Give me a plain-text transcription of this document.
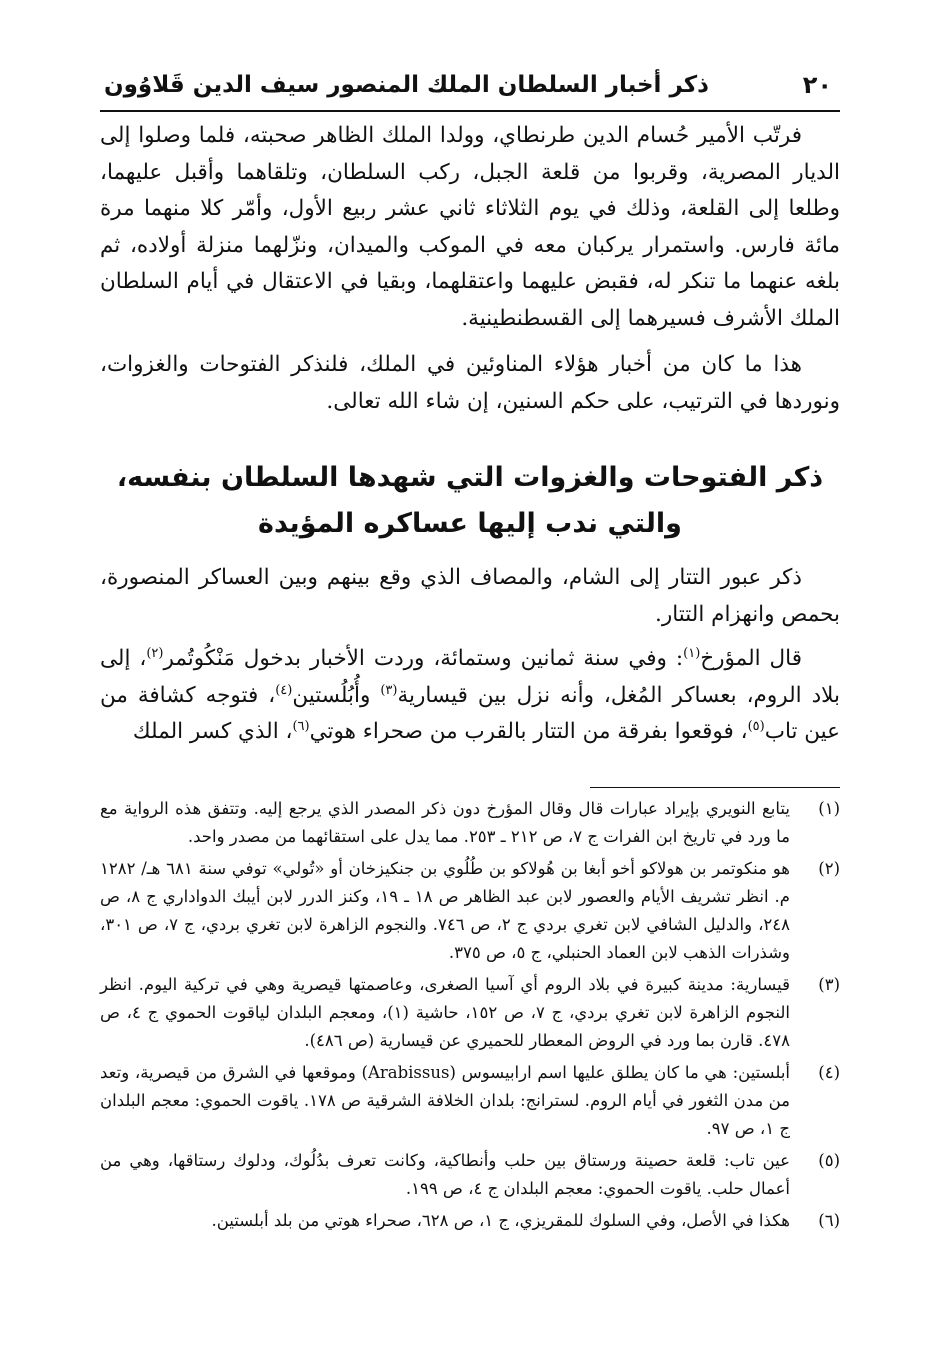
٢٠
ذكر أخبار السلطان الملك المنصور سيف الدين قَلاوُون

فرتّب الأمير حُسام الدين طرنطاي، وولدا الملك الظاهر صحبته، فلما وصلوا إلى الديار المصرية، وقربوا من قلعة الجبل، ركب السلطان، وتلقاهما وأقبل عليهما، وطلعا إلى القلعة، وذلك في يوم الثلاثاء ثاني عشر ربيع الأول، وأمّر كلا منهما مرة مائة فارس. واستمرار يركبان معه في الموكب والميدان، ونزّلهما منزلة أولاده، ثم بلغه عنهما ما تنكر له، فقبض عليهما واعتقلهما، وبقيا في الاعتقال في أيام السلطان الملك الأشرف فسيرهما إلى القسطنطينية.

هذا ما كان من أخبار هؤلاء المناوئين في الملك، فلنذكر الفتوحات والغزوات، ونوردها في الترتيب، على حكم السنين، إن شاء الله تعالى.

ذكر الفتوحات والغزوات التي شهدها السلطان بنفسه،
والتي ندب إليها عساكره المؤيدة

ذكر عبور التتار إلى الشام، والمصاف الذي وقع بينهم وبين العساكر المنصورة، بحمص وانهزام التتار.

قال المؤرخ$^{(١)}$: وفي سنة ثمانين وستمائة، وردت الأخبار بدخول مَنْكُوتُمر$^{(٢)}$، إلى بلاد الروم، بعساكر المُغل، وأنه نزل بين قيسارية$^{(٣)}$ وأُبُلُستين$^{(٤)}$، فتوجه كشافة من عين تاب$^{(٥)}$، فوقعوا بفرقة من التتار بالقرب من صحراء هوتي$^{(٦)}$، الذي كسر الملك

(١)
يتابع النويري بإيراد عبارات قال وقال المؤرخ دون ذكر المصدر الذي يرجع إليه. وتتفق هذه الرواية مع ما ورد في تاريخ ابن الفرات ج ٧، ص ٢١٢ ـ ٢٥٣. مما يدل على استقائهما من مصدر واحد.
(٢)
هو منكوتمر بن هولاكو أخو أبغا بن هُولاكو بن طُلُوي بن جنكيزخان أو «تُولي» توفي سنة ٦٨١ هـ/ ١٢٨٢ م. انظر تشريف الأيام والعصور لابن عبد الظاهر ص ١٨ ـ ١٩، وكنز الدرر لابن أيبك الدواداري ج ٨، ص ٢٤٨، والدليل الشافي لابن تغري بردي ج ٢، ص ٧٤٦. والنجوم الزاهرة لابن تغري بردي، ج ٧، ص ٣٠١، وشذرات الذهب لابن العماد الحنبلي، ج ٥، ص ٣٧٥.
(٣)
قيسارية: مدينة كبيرة في بلاد الروم أي آسيا الصغرى، وعاصمتها قيصرية وهي في تركية اليوم. انظر النجوم الزاهرة لابن تغري بردي، ج ٧، ص ١٥٢، حاشية (١)، ومعجم البلدان لياقوت الحموي ج ٤، ص ٤٧٨. قارن بما ورد في الروض المعطار للحميري عن قيسارية (ص ٤٨٦).
(٤)
أبلستين: هي ما كان يطلق عليها اسم ارابيسوس (Arabissus) وموقعها في الشرق من قيصرية، وتعد من مدن الثغور في أيام الروم. لسترانج: بلدان الخلافة الشرقية ص ١٧٨. ياقوت الحموي: معجم البلدان ج ١، ص ٩٧.
(٥)
عين تاب: قلعة حصينة ورستاق بين حلب وأنطاكية، وكانت تعرف بدُلُوك، ودلوك رستاقها، وهي من أعمال حلب. ياقوت الحموي: معجم البلدان ج ٤، ص ١٩٩.
(٦)
هكذا في الأصل، وفي السلوك للمقريزي، ج ١، ص ٦٢٨، صحراء هوتي من بلد أبلستين.
